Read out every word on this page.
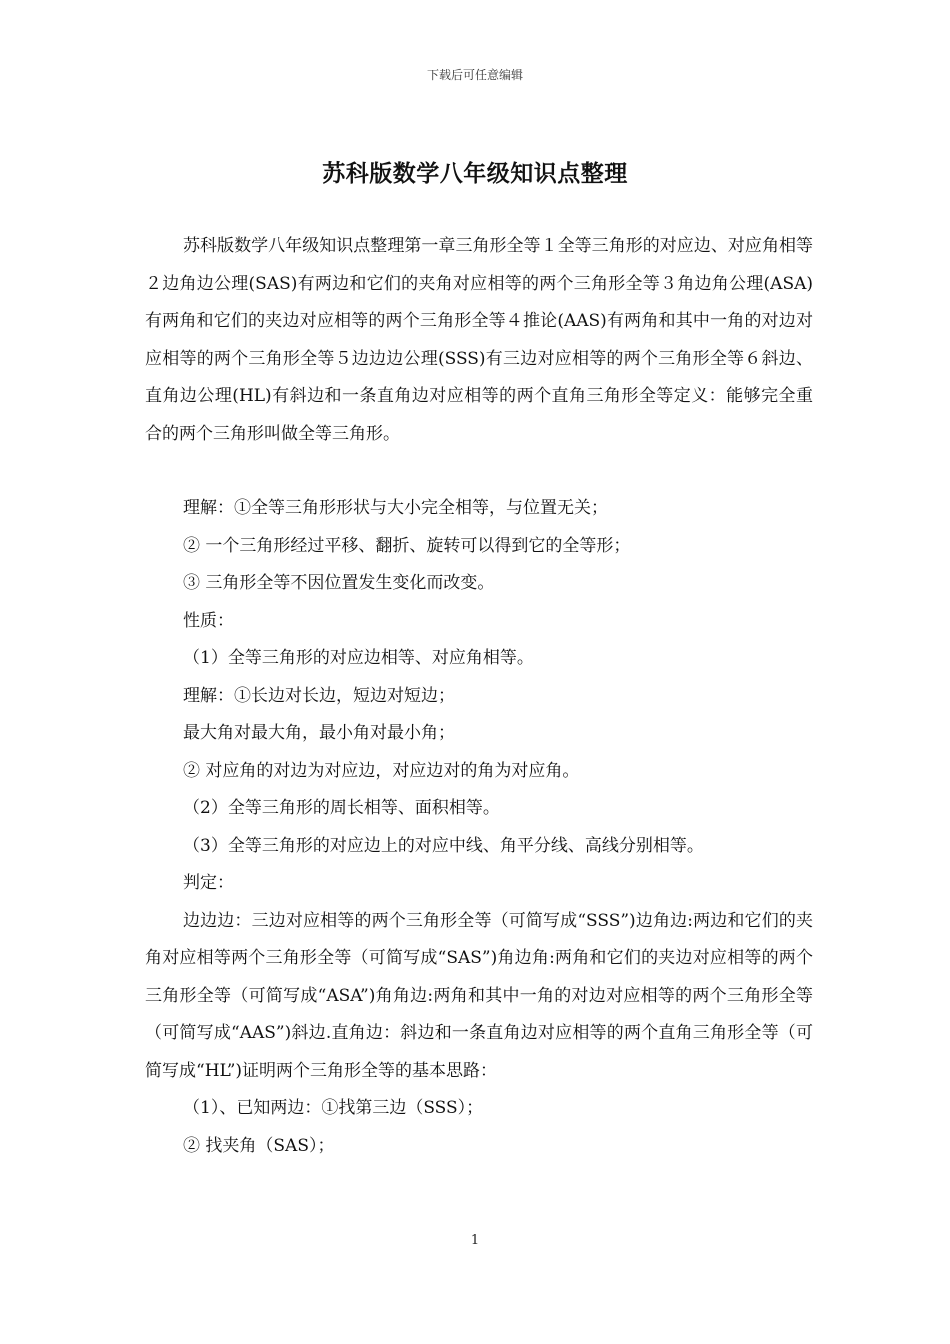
下载后可任意编辑
苏科版数学八年级知识点整理

苏科版数学八年级知识点整理第一章三角形全等１全等三角形的对应边、对应角相等２边角边公理(SAS)有两边和它们的夹角对应相等的两个三角形全等３角边角公理(ASA)有两角和它们的夹边对应相等的两个三角形全等４推论(AAS)有两角和其中一角的对边对应相等的两个三角形全等５边边边公理(SSS)有三边对应相等的两个三角形全等６斜边、直角边公理(HL)有斜边和一条直角边对应相等的两个直角三角形全等定义：能够完全重合的两个三角形叫做全等三角形。

理解：①全等三角形形状与大小完全相等，与位置无关；

② 一个三角形经过平移、翻折、旋转可以得到它的全等形；

③ 三角形全等不因位置发生变化而改变。

性质：

（1）全等三角形的对应边相等、对应角相等。

理解：①长边对长边，短边对短边；

最大角对最大角，最小角对最小角；

② 对应角的对边为对应边，对应边对的角为对应角。

（2）全等三角形的周长相等、面积相等。

（3）全等三角形的对应边上的对应中线、角平分线、高线分别相等。

判定：

边边边：三边对应相等的两个三角形全等（可简写成“SSS”)边角边:两边和它们的夹角对应相等两个三角形全等（可简写成“SAS”)角边角:两角和它们的夹边对应相等的两个三角形全等（可简写成“ASA”)角角边:两角和其中一角的对边对应相等的两个三角形全等（可简写成“AAS”)斜边.直角边：斜边和一条直角边对应相等的两个直角三角形全等（可简写成“HL”)证明两个三角形全等的基本思路：

（1）、已知两边：①找第三边（SSS）；

② 找夹角（SAS）；

1
